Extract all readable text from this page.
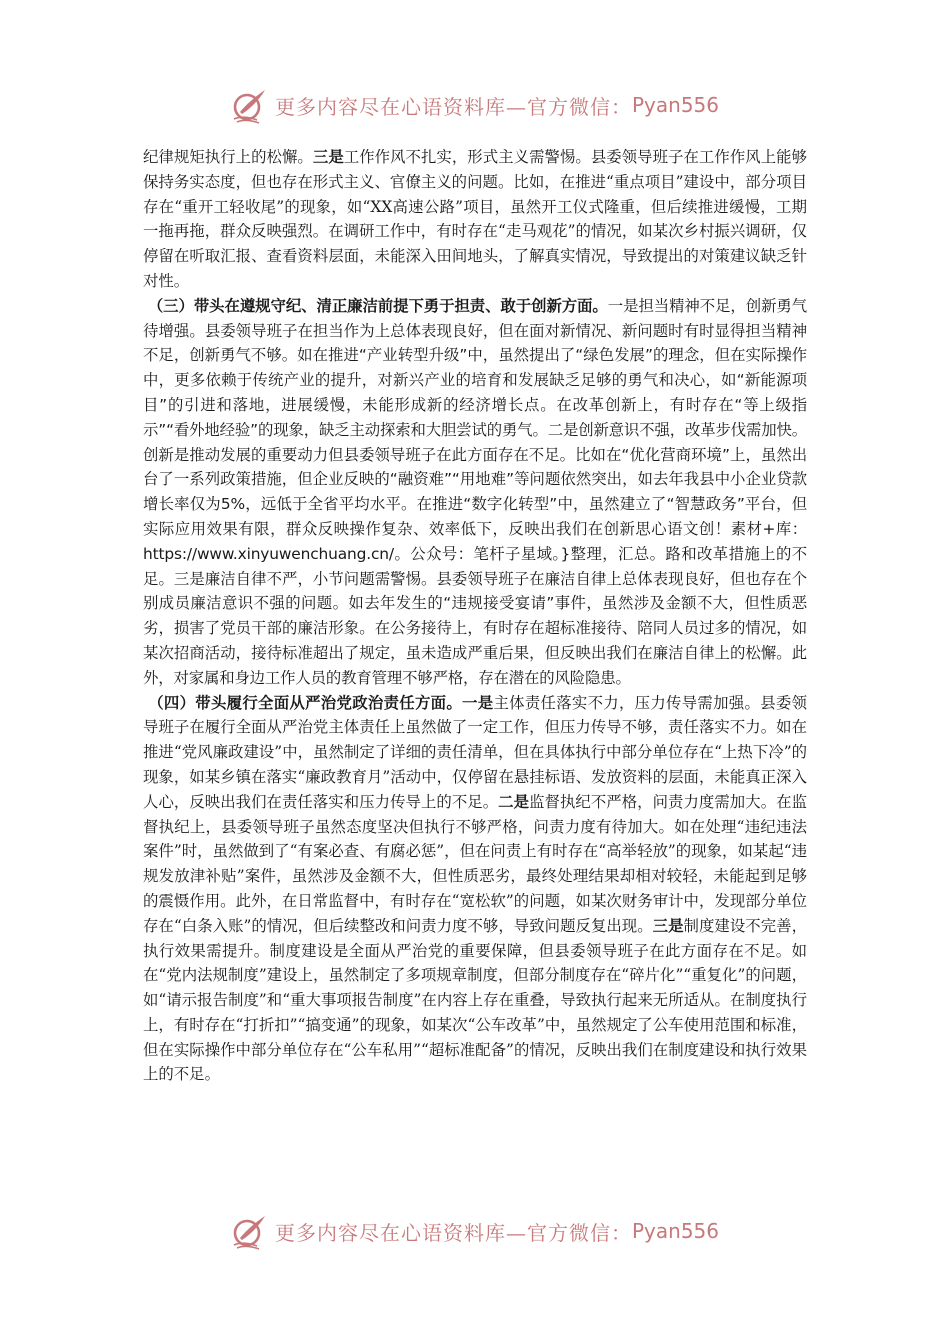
更多内容尽在心语资料库—官方微信： Pyan556

纪律规矩执行上的松懈。三是工作作风不扎实，形式主义需警惕。县委领导班子在工作作风上能够保持务实态度，但也存在形式主义、官僚主义的问题。比如，在推进“重点项目”建设中，部分项目存在“重开工轻收尾”的现象，如“XX高速公路”项目，虽然开工仪式隆重，但后续推进缓慢，工期一拖再拖，群众反映强烈。在调研工作中，有时存在“走马观花”的情况，如某次乡村振兴调研，仅停留在听取汇报、查看资料层面，未能深入田间地头，了解真实情况，导致提出的对策建议缺乏针对性。

（三）带头在遵规守纪、清正廉洁前提下勇于担责、敢于创新方面。一是担当精神不足，创新勇气待增强。县委领导班子在担当作为上总体表现良好，但在面对新情况、新问题时有时显得担当精神不足，创新勇气不够。如在推进“产业转型升级”中，虽然提出了“绿色发展”的理念，但在实际操作中，更多依赖于传统产业的提升，对新兴产业的培育和发展缺乏足够的勇气和决心，如“新能源项目”的引进和落地，进展缓慢，未能形成新的经济增长点。在改革创新上，有时存在“等上级指示”“看外地经验”的现象，缺乏主动探索和大胆尝试的勇气。二是创新意识不强，改革步伐需加快。创新是推动发展的重要动力但县委领导班子在此方面存在不足。比如在“优化营商环境”上，虽然出台了一系列政策措施，但企业反映的“融资难”“用地难”等问题依然突出，如去年我县中小企业贷款增长率仅为5%，远低于全省平均水平。在推进“数字化转型”中，虽然建立了“智慧政务”平台，但实际应用效果有限，群众反映操作复杂、效率低下，反映出我们在创新思心语文创！素材+库：https://www.xinyuwenchuang.cn/。公众号：笔杆子星域。}整理，汇总。路和改革措施上的不足。三是廉洁自律不严，小节问题需警惕。县委领导班子在廉洁自律上总体表现良好，但也存在个别成员廉洁意识不强的问题。如去年发生的“违规接受宴请”事件，虽然涉及金额不大，但性质恶劣，损害了党员干部的廉洁形象。在公务接待上，有时存在超标准接待、陪同人员过多的情况，如某次招商活动，接待标准超出了规定，虽未造成严重后果，但反映出我们在廉洁自律上的松懈。此外，对家属和身边工作人员的教育管理不够严格，存在潜在的风险隐患。

（四）带头履行全面从严治党政治责任方面。一是主体责任落实不力，压力传导需加强。县委领导班子在履行全面从严治党主体责任上虽然做了一定工作，但压力传导不够，责任落实不力。如在推进“党风廉政建设”中，虽然制定了详细的责任清单，但在具体执行中部分单位存在“上热下冷”的现象，如某乡镇在落实“廉政教育月”活动中，仅停留在悬挂标语、发放资料的层面，未能真正深入人心，反映出我们在责任落实和压力传导上的不足。二是监督执纪不严格，问责力度需加大。在监督执纪上，县委领导班子虽然态度坚决但执行不够严格，问责力度有待加大。如在处理“违纪违法案件”时，虽然做到了“有案必查、有腐必惩”，但在问责上有时存在“高举轻放”的现象，如某起“违规发放津补贴”案件，虽然涉及金额不大，但性质恶劣，最终处理结果却相对较轻，未能起到足够的震慑作用。此外，在日常监督中，有时存在“宽松软”的问题，如某次财务审计中，发现部分单位存在“白条入账”的情况，但后续整改和问责力度不够，导致问题反复出现。三是制度建设不完善，执行效果需提升。制度建设是全面从严治党的重要保障，但县委领导班子在此方面存在不足。如在“党内法规制度”建设上，虽然制定了多项规章制度，但部分制度存在“碎片化”“重复化”的问题，如“请示报告制度”和“重大事项报告制度”在内容上存在重叠，导致执行起来无所适从。在制度执行上，有时存在“打折扣”“搞变通”的现象，如某次“公车改革”中，虽然规定了公车使用范围和标准，但在实际操作中部分单位存在“公车私用”“超标准配备”的情况，反映出我们在制度建设和执行效果上的不足。

更多内容尽在心语资料库—官方微信： Pyan556
